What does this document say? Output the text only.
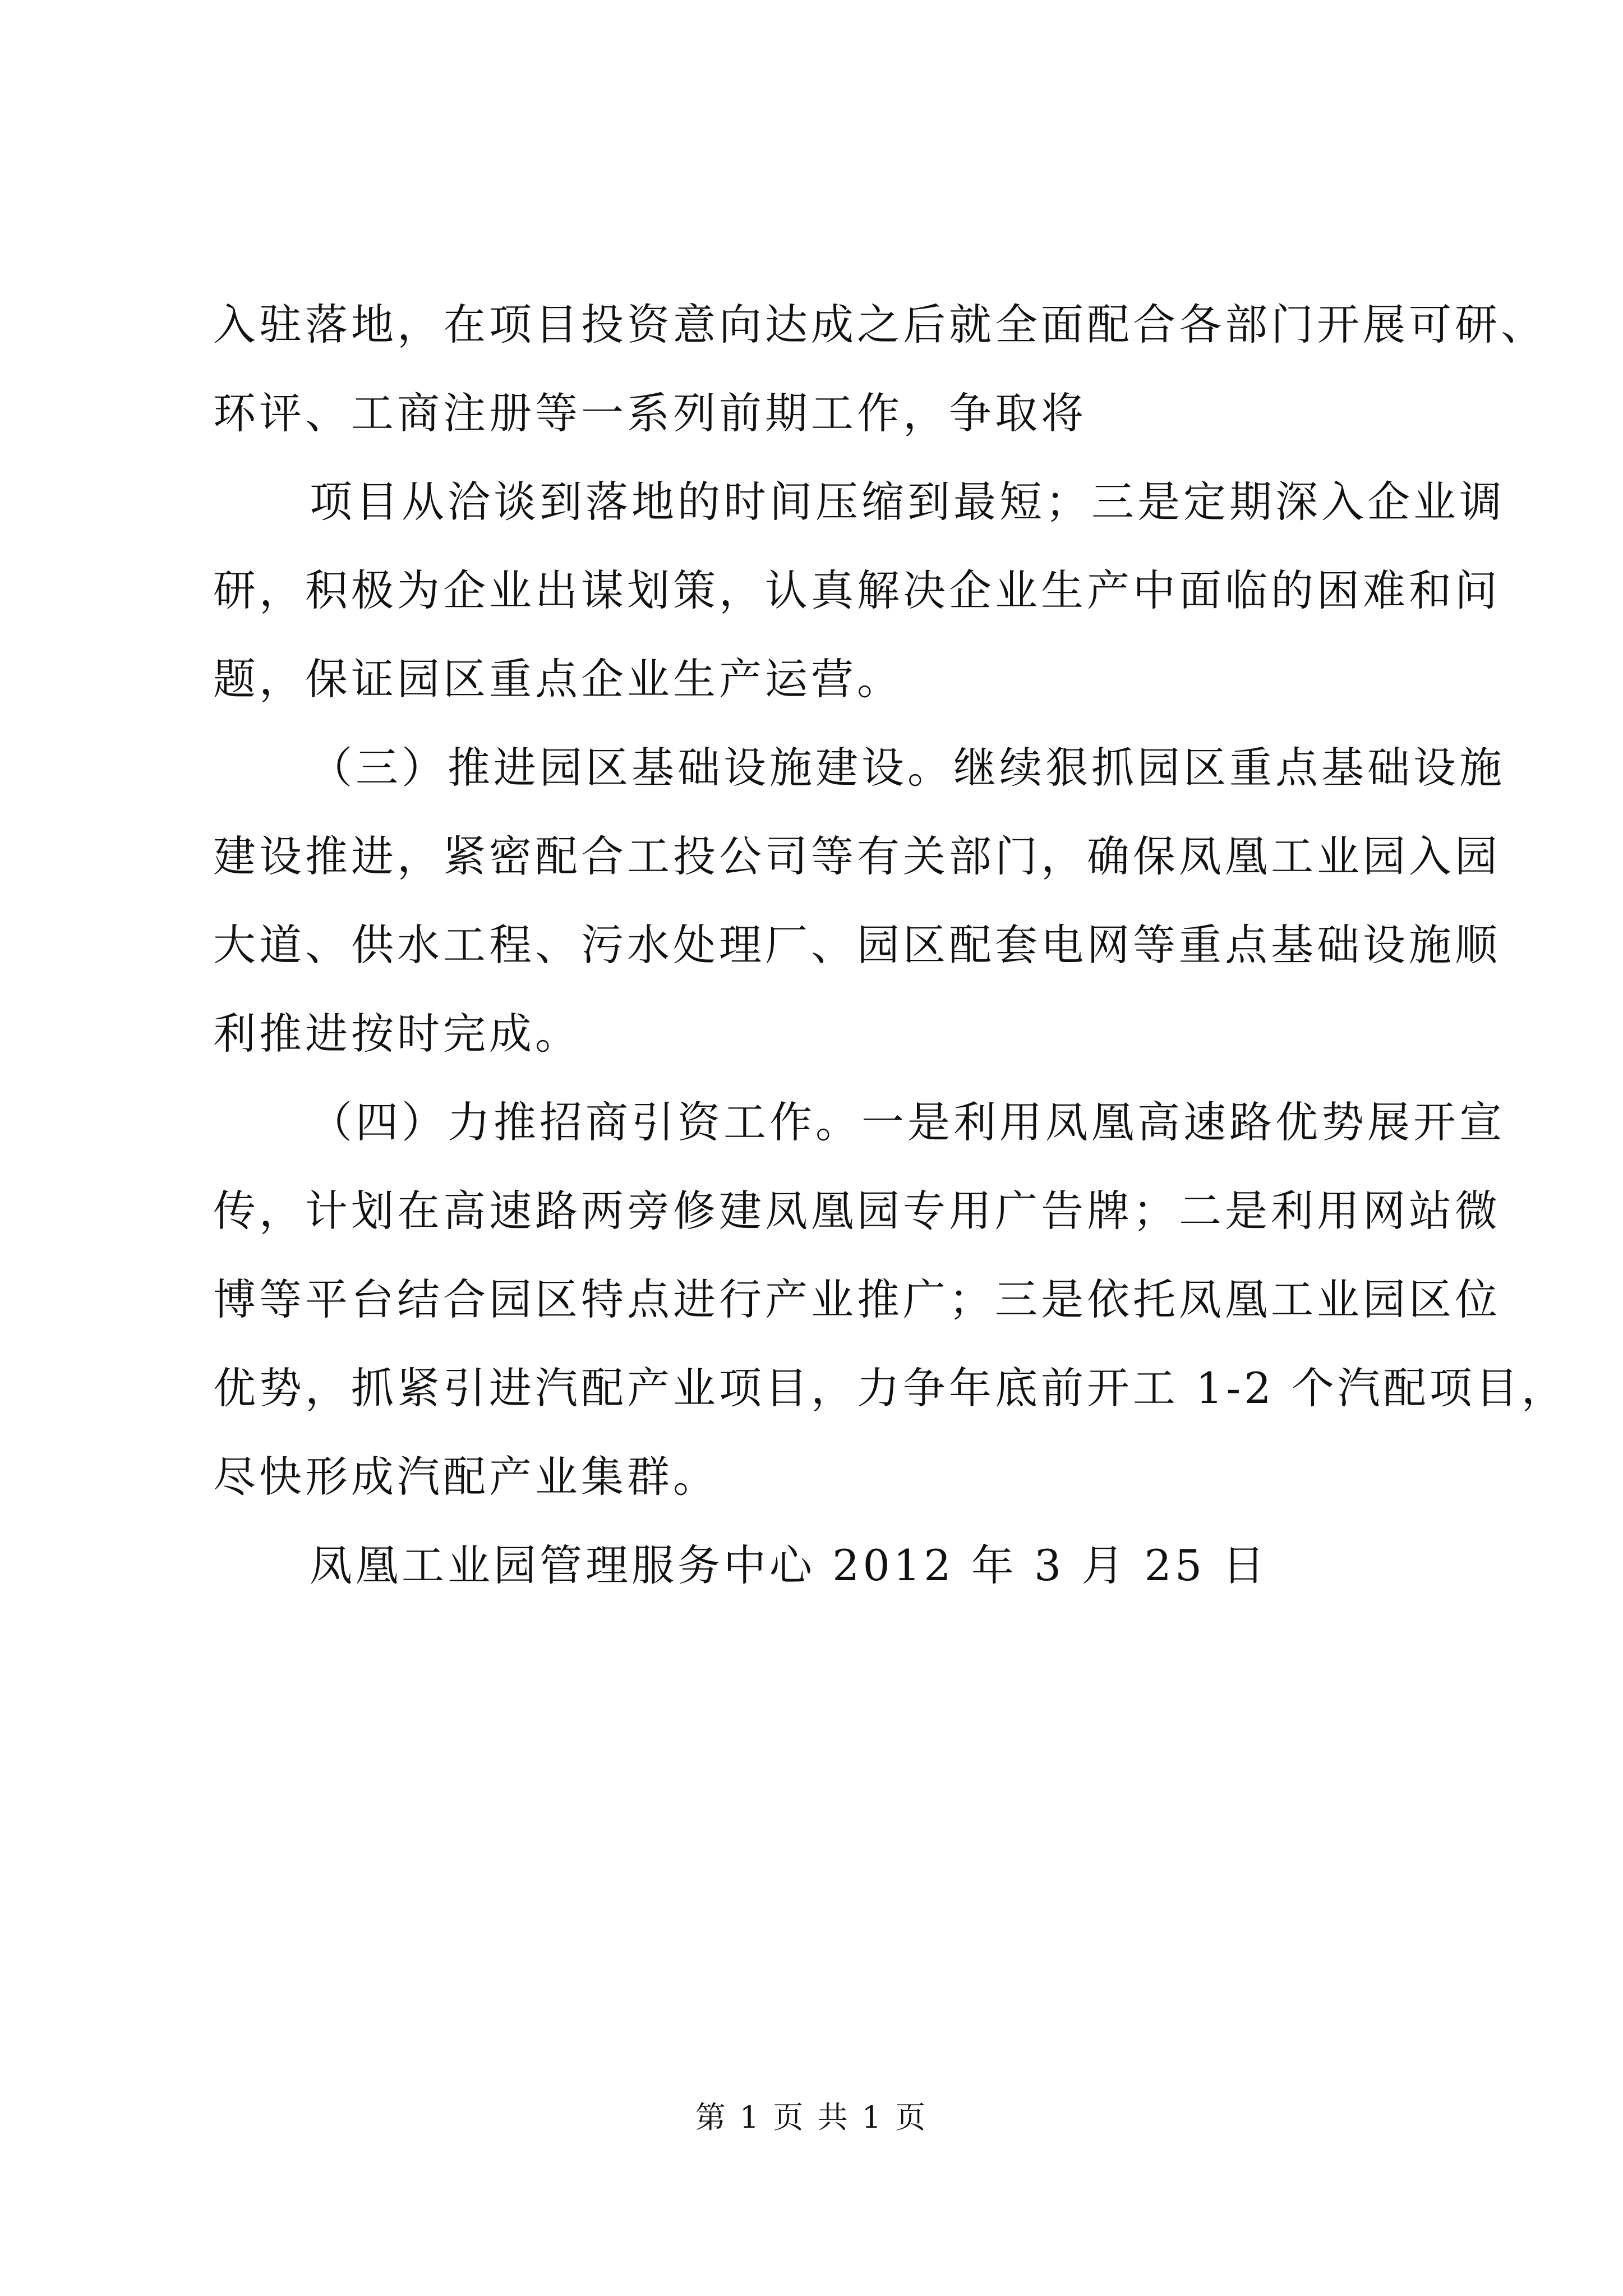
入驻落地，在项目投资意向达成之后就全面配合各部门开展可研、
环评、工商注册等一系列前期工作，争取将
项目从洽谈到落地的时间压缩到最短；三是定期深入企业调
研，积极为企业出谋划策，认真解决企业生产中面临的困难和问
题，保证园区重点企业生产运营。
（三）推进园区基础设施建设。继续狠抓园区重点基础设施
建设推进，紧密配合工投公司等有关部门，确保凤凰工业园入园
大道、供水工程、污水处理厂、园区配套电网等重点基础设施顺
利推进按时完成。
（四）力推招商引资工作。一是利用凤凰高速路优势展开宣
传，计划在高速路两旁修建凤凰园专用广告牌；二是利用网站微
博等平台结合园区特点进行产业推广；三是依托凤凰工业园区位
优势，抓紧引进汽配产业项目，力争年底前开工 1-2 个汽配项目，
尽快形成汽配产业集群。
凤凰工业园管理服务中心 2012 年 3 月 25 日
第 1 页 共 1 页
